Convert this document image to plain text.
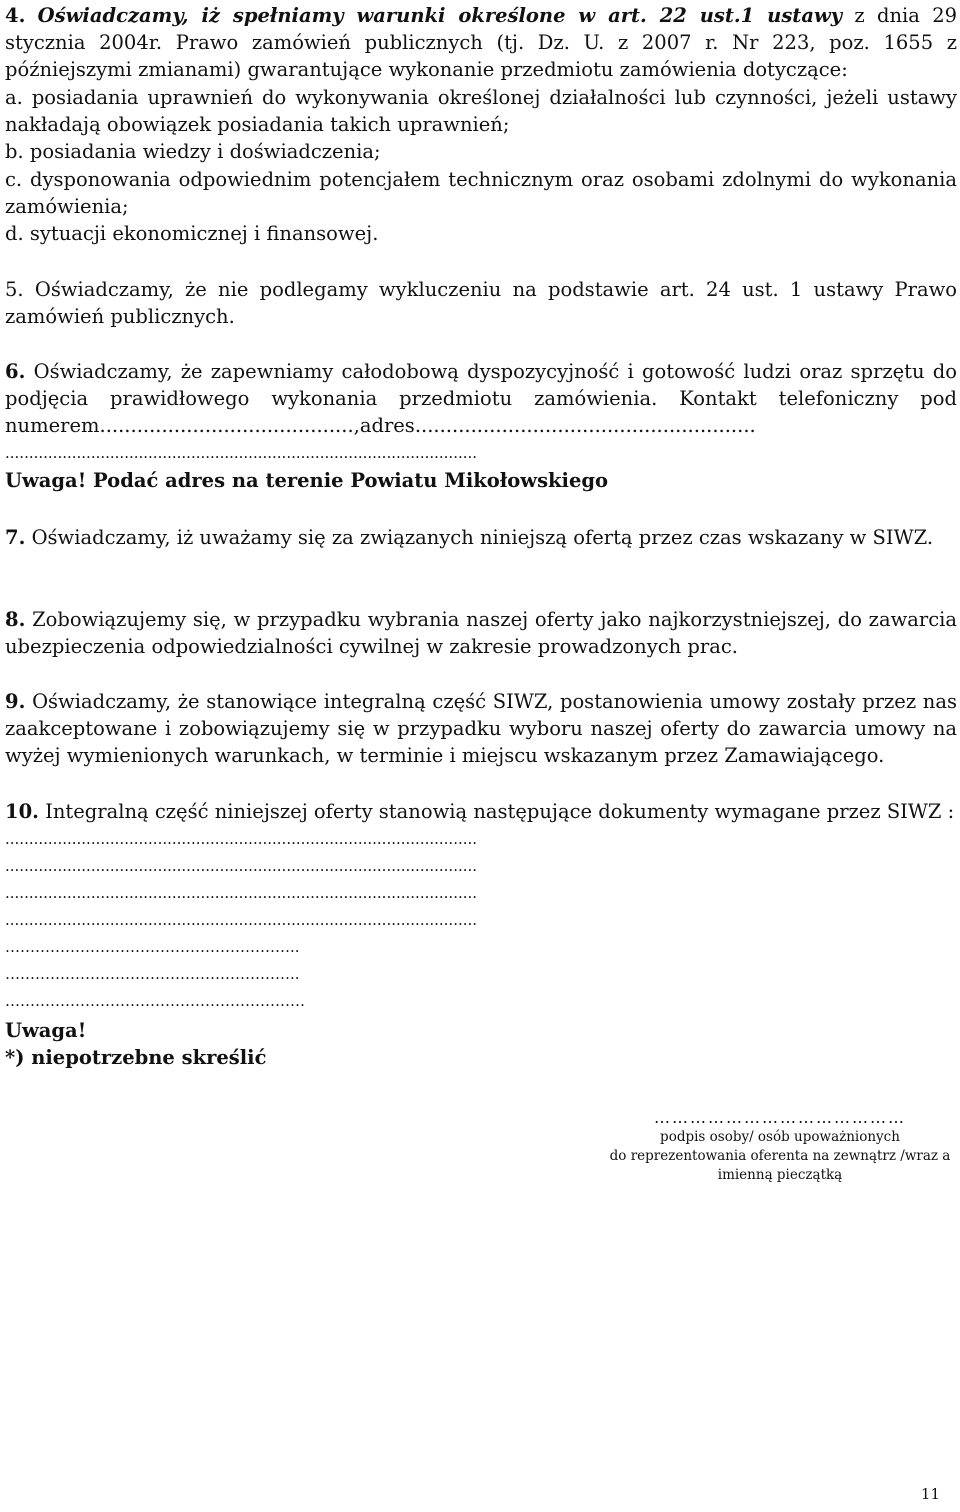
4. Oświadczamy, iż spełniamy warunki określone w art. 22 ust.1 ustawy z dnia 29 stycznia 2004r. Prawo zamówień publicznych (tj. Dz. U. z 2007 r. Nr 223, poz. 1655 z późniejszymi zmianami) gwarantujące wykonanie przedmiotu zamówienia dotyczące:

a. posiadania uprawnień do wykonywania określonej działalności lub czynności, jeżeli ustawy nakładają obowiązek posiadania takich uprawnień;

b. posiadania wiedzy i doświadczenia;

c. dysponowania odpowiednim potencjałem technicznym oraz osobami zdolnymi do wykonania zamówienia;

d. sytuacji ekonomicznej i finansowej.

5. Oświadczamy, że nie podlegamy wykluczeniu na podstawie art. 24 ust. 1 ustawy Prawo zamówień publicznych.

6. Oświadczamy, że zapewniamy całodobową dyspozycyjność i gotowość ludzi oraz sprzętu do podjęcia prawidłowego wykonania przedmiotu zamówienia. Kontakt telefoniczny pod numerem.........................................,adres.......................................................

...................................................................................................

Uwaga! Podać adres na terenie Powiatu Mikołowskiego

7. Oświadczamy, iż uważamy się za związanych niniejszą ofertą przez czas wskazany w SIWZ.

8. Zobowiązujemy się, w przypadku wybrania naszej oferty jako najkorzystniejszej, do zawarcia ubezpieczenia odpowiedzialności cywilnej w zakresie prowadzonych prac.

9. Oświadczamy, że stanowiące integralną część SIWZ, postanowienia umowy zostały przez nas zaakceptowane i zobowiązujemy się w przypadku wyboru naszej oferty do zawarcia umowy na wyżej wymienionych warunkach, w terminie i miejscu wskazanym przez Zamawiającego.

10. Integralną część niniejszej oferty stanowią następujące dokumenty wymagane przez SIWZ :

...................................................................................................

...................................................................................................

...................................................................................................

...................................................................................................

…………………………………………………..

…………………………………………………..

……………………………………………………

Uwaga!

*) niepotrzebne skreślić

……………………………………
podpis osoby/ osób upoważnionych
do reprezentowania oferenta na zewnątrz /wraz a
imienną pieczątką
11
